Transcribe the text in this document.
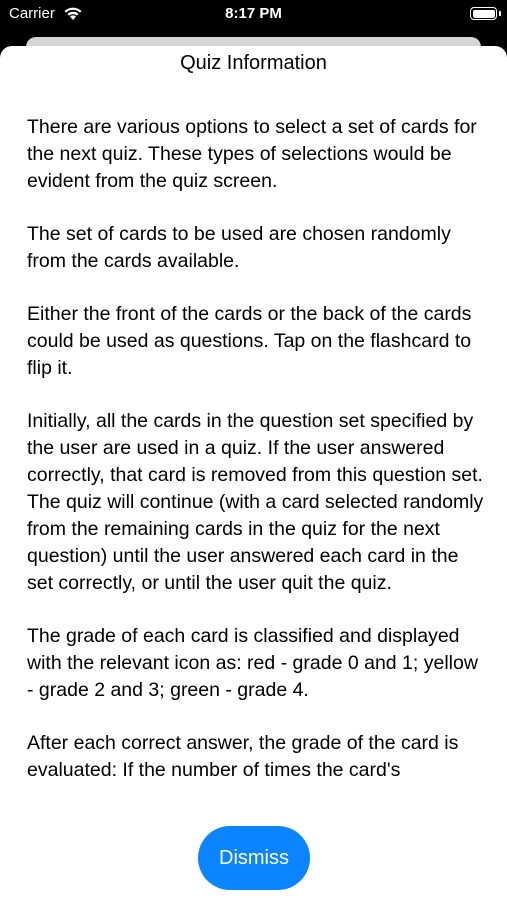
Carrier	8:17 PM
Quiz Information

There are various options to select a set of cards for the next quiz. These types of selections would be evident from the quiz screen.

The set of cards to be used are chosen randomly from the cards available.

Either the front of the cards or the back of the cards could be used as questions. Tap on the flashcard to flip it.

Initially, all the cards in the question set specified by the user are used in a quiz. If the user answered correctly, that card is removed from this question set. The quiz will continue (with a card selected randomly from the remaining cards in the quiz for the next question) until the user answered each card in the set correctly, or until the user quit the quiz.

The grade of each card is classified and displayed with the relevant icon as: red - grade 0 and 1; yellow - grade 2 and 3; green - grade 4.

After each correct answer, the grade of the card is evaluated: If the number of times the card's

Dismiss
